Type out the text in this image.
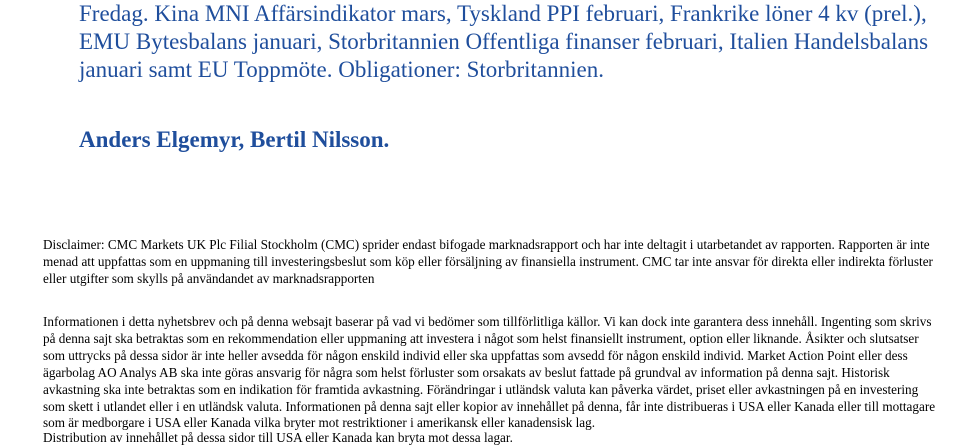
Fredag. Kina MNI Affärsindikator mars, Tyskland PPI februari, Frankrike löner 4 kv (prel.), EMU Bytesbalans januari, Storbritannien Offentliga finanser februari, Italien Handelsbalans januari samt EU Toppmöte. Obligationer: Storbritannien.

Anders Elgemyr, Bertil Nilsson.

Disclaimer: CMC Markets UK Plc Filial Stockholm (CMC) sprider endast bifogade marknadsrapport och har inte deltagit i utarbetandet av rapporten. Rapporten är inte menad att uppfattas som en uppmaning till investeringsbeslut som köp eller försäljning av finansiella instrument. CMC tar inte ansvar för direkta eller indirekta förluster eller utgifter som skylls på användandet av marknadsrapporten

Informationen i detta nyhetsbrev och på denna websajt baserar på vad vi bedömer som tillförlitliga källor. Vi kan dock inte garantera dess innehåll. Ingenting som skrivs på denna sajt ska betraktas som en rekommendation eller uppmaning att investera i något som helst finansiellt instrument, option eller liknande. Åsikter och slutsatser som uttrycks på dessa sidor är inte heller avsedda för någon enskild individ eller ska uppfattas som avsedd för någon enskild individ. Market Action Point eller dess ägarbolag AO Analys AB ska inte göras ansvarig för några som helst förluster som orsakats av beslut fattade på grundval av information på denna sajt. Historisk avkastning ska inte betraktas som en indikation för framtida avkastning. Förändringar i utländsk valuta kan påverka värdet, priset eller avkastningen på en investering som skett i utlandet eller i en utländsk valuta. Informationen på denna sajt eller kopior av innehållet på denna, får inte distribueras i USA eller Kanada eller till mottagare som är medborgare i USA eller Kanada vilka bryter mot restriktioner i amerikansk eller kanadensisk lag.

Distribution av innehållet på dessa sidor till USA eller Kanada kan bryta mot dessa lagar.
